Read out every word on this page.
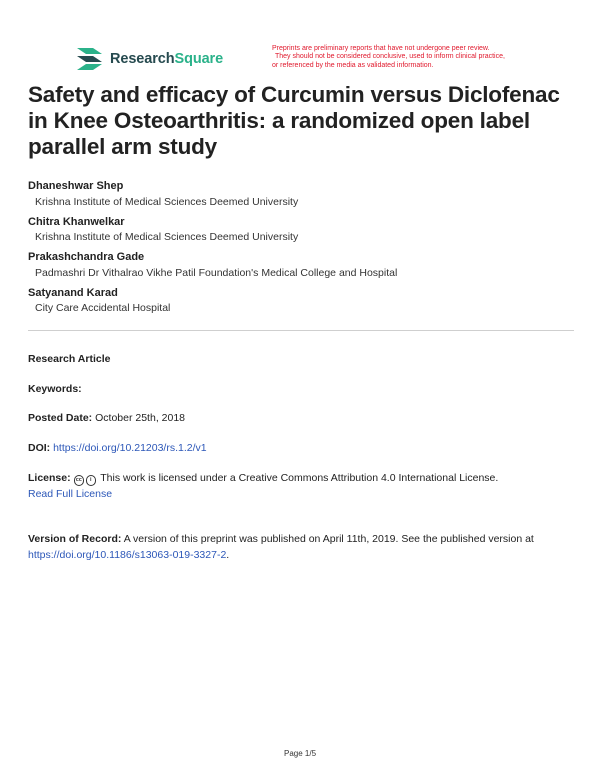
ResearchSquare
Preprints are preliminary reports that have not undergone peer review.
They should not be considered conclusive, used to inform clinical practice,
or referenced by the media as validated information.
Safety and efficacy of Curcumin versus Diclofenac in Knee Osteoarthritis: a randomized open label parallel arm study
Dhaneshwar Shep
Krishna Institute of Medical Sciences Deemed University
Chitra Khanwelkar
Krishna Institute of Medical Sciences Deemed University
Prakashchandra Gade
Padmashri Dr Vithalrao Vikhe Patil Foundation's Medical College and Hospital
Satyanand Karad
City Care Accidental Hospital
Research Article
Keywords:
Posted Date: October 25th, 2018
DOI: https://doi.org/10.21203/rs.1.2/v1
License: cc i This work is licensed under a Creative Commons Attribution 4.0 International License.
Read Full License
Version of Record: A version of this preprint was published on April 11th, 2019. See the published version at https://doi.org/10.1186/s13063-019-3327-2.
Page 1/5
